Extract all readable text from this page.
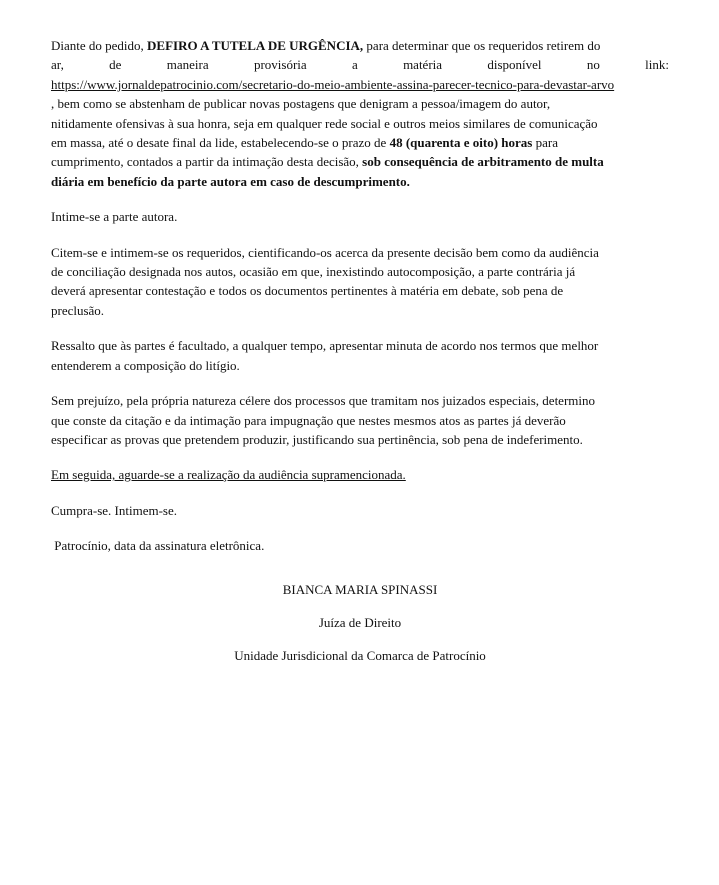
Diante do pedido, DEFIRO A TUTELA DE URGÊNCIA, para determinar que os requeridos retirem do
ar,	de	maneira	provisória	a	matéria	disponível	no	link:
https://www.jornaldepatrocinio.com/secretario-do-meio-ambiente-assina-parecer-tecnico-para-devastar-arvo
, bem como se abstenham de publicar novas postagens que denigram a pessoa/imagem do autor,
nitidamente ofensivas à sua honra, seja em qualquer rede social e outros meios similares de comunicação
em massa, até o desate final da lide, estabelecendo-se o prazo de 48 (quarenta e oito) horas para
cumprimento, contados a partir da intimação desta decisão, sob consequência de arbitramento de multa
diária em benefício da parte autora em caso de descumprimento.

Intime-se a parte autora.

Citem-se e intimem-se os requeridos, cientificando-os acerca da presente decisão bem como da audiência
de conciliação designada nos autos, ocasião em que, inexistindo autocomposição, a parte contrária já
deverá apresentar contestação e todos os documentos pertinentes à matéria em debate, sob pena de
preclusão.

Ressalto que às partes é facultado, a qualquer tempo, apresentar minuta de acordo nos termos que melhor
entenderem a composição do litígio.

Sem prejuízo, pela própria natureza célere dos processos que tramitam nos juizados especiais, determino
que conste da citação e da intimação para impugnação que nestes mesmos atos as partes já deverão
especificar as provas que pretendem produzir, justificando sua pertinência, sob pena de indeferimento.

Em seguida, aguarde-se a realização da audiência supramencionada.

Cumpra-se. Intimem-se.

Patrocínio, data da assinatura eletrônica.

BIANCA MARIA SPINASSI

Juíza de Direito

Unidade Jurisdicional da Comarca de Patrocínio
